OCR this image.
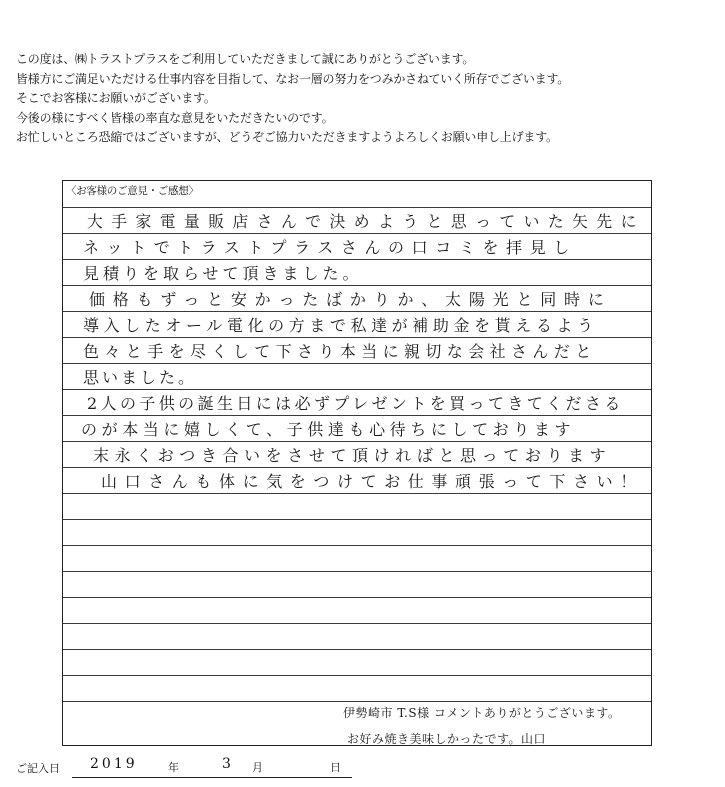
この度は、㈱トラストプラスをご利用していただきまして誠にありがとうございます。
皆様方にご満足いただける仕事内容を目指して、なお一層の努力をつみかさねていく所存でございます。
そこでお客様にお願いがございます。
今後の様にすべく皆様の率直な意見をいただきたいのです。
お忙しいところ恐縮ではございますが、どうぞご協力いただきますようよろしくお願い申し上げます。
〈お客様のご意見・ご感想〉
大手家電量販店さんで決めようと思っていた矢先に
ネットでトラストプラスさんの口コミを拝見し
見積りを取らせて頂きました。
価格もずっと安かったばかりか、太陽光と同時に
導入したオール電化の方まで私達が補助金を貰えるよう
色々と手を尽くして下さり本当に親切な会社さんだと
思いました。
2人の子供の誕生日には必ずプレゼントを買ってきてくださる
のが本当に嬉しくて、子供達も心待ちにしております
末永くおつき合いをさせて頂ければと思っております
山口さんも体に気をつけてお仕事頑張って下さい！
伊勢崎市 T.S様 コメントありがとうございます。
お好み焼き美味しかったです。山口
ご記入日 2019	年	3 月	日
